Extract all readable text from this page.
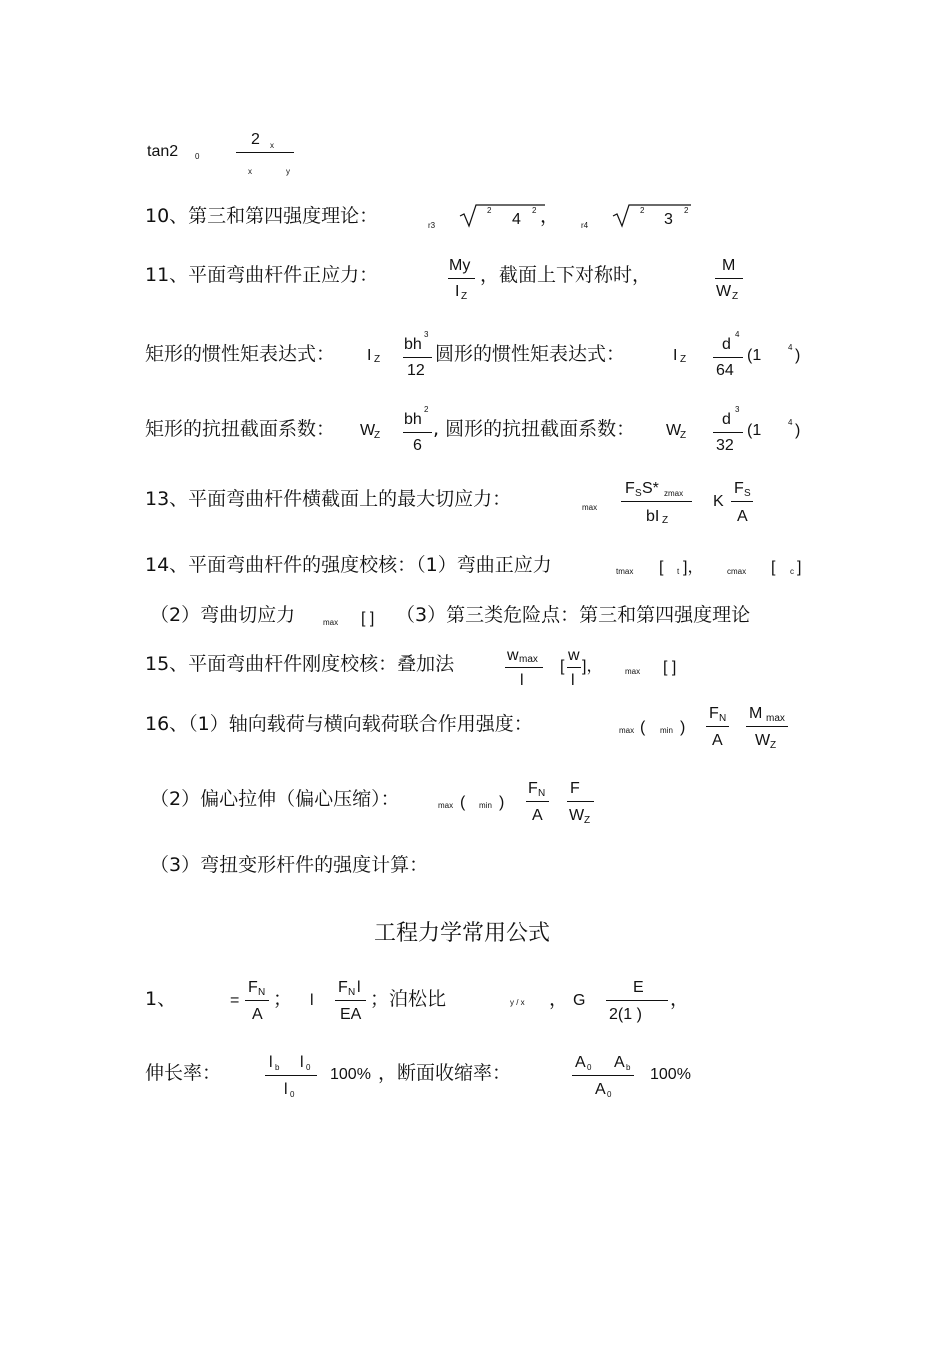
tan2 0
2 x
x	y
10、第三和第四强度理论：	r3
2
4
2 ，	r4
2
3
2
11、平面弯曲杆件正应力：	My
I Z
，截面上下对称时，	M
W Z
矩形的惯性矩表达式： I Z
bh
3
12
圆形的惯性矩表达式：	I Z
d
4
64
(1	4 )
矩形的抗扭截面系数： W
Z
bh
2
6
, 圆形的抗扭截面系数： W
Z
d
3
32
(1	4 )
13、平面弯曲杆件横截面上的最大切应力：	max
F S S* zmax
bI Z
K
F S
A
14、平面弯曲杆件的强度校核：（1）弯曲正应力	tmax [ t ]，	cmax [ c ]
（2）弯曲切应力	max [ ] （3）第三类危险点：第三和第四强度理论
15、平面弯曲杆件刚度校核：叠加法	w max
l
[
w
l
]，	max [ ]
16、（1）轴向载荷与横向载荷联合作用强度：	max ( min )
F N
A
M max
W Z
（2）偏心拉伸（偏心压缩）：	max ( min )
F N
A
F
W Z
（3）弯扭变形杆件的强度计算：
工程力学常用公式
1、	=
F N
A
； l
F N l
EA
；泊松比	y / x ， G
E
2(1 )
，
伸长率：	l b l 0
l 0
100% ，断面收缩率：	A 0 A b
A 0
100%
